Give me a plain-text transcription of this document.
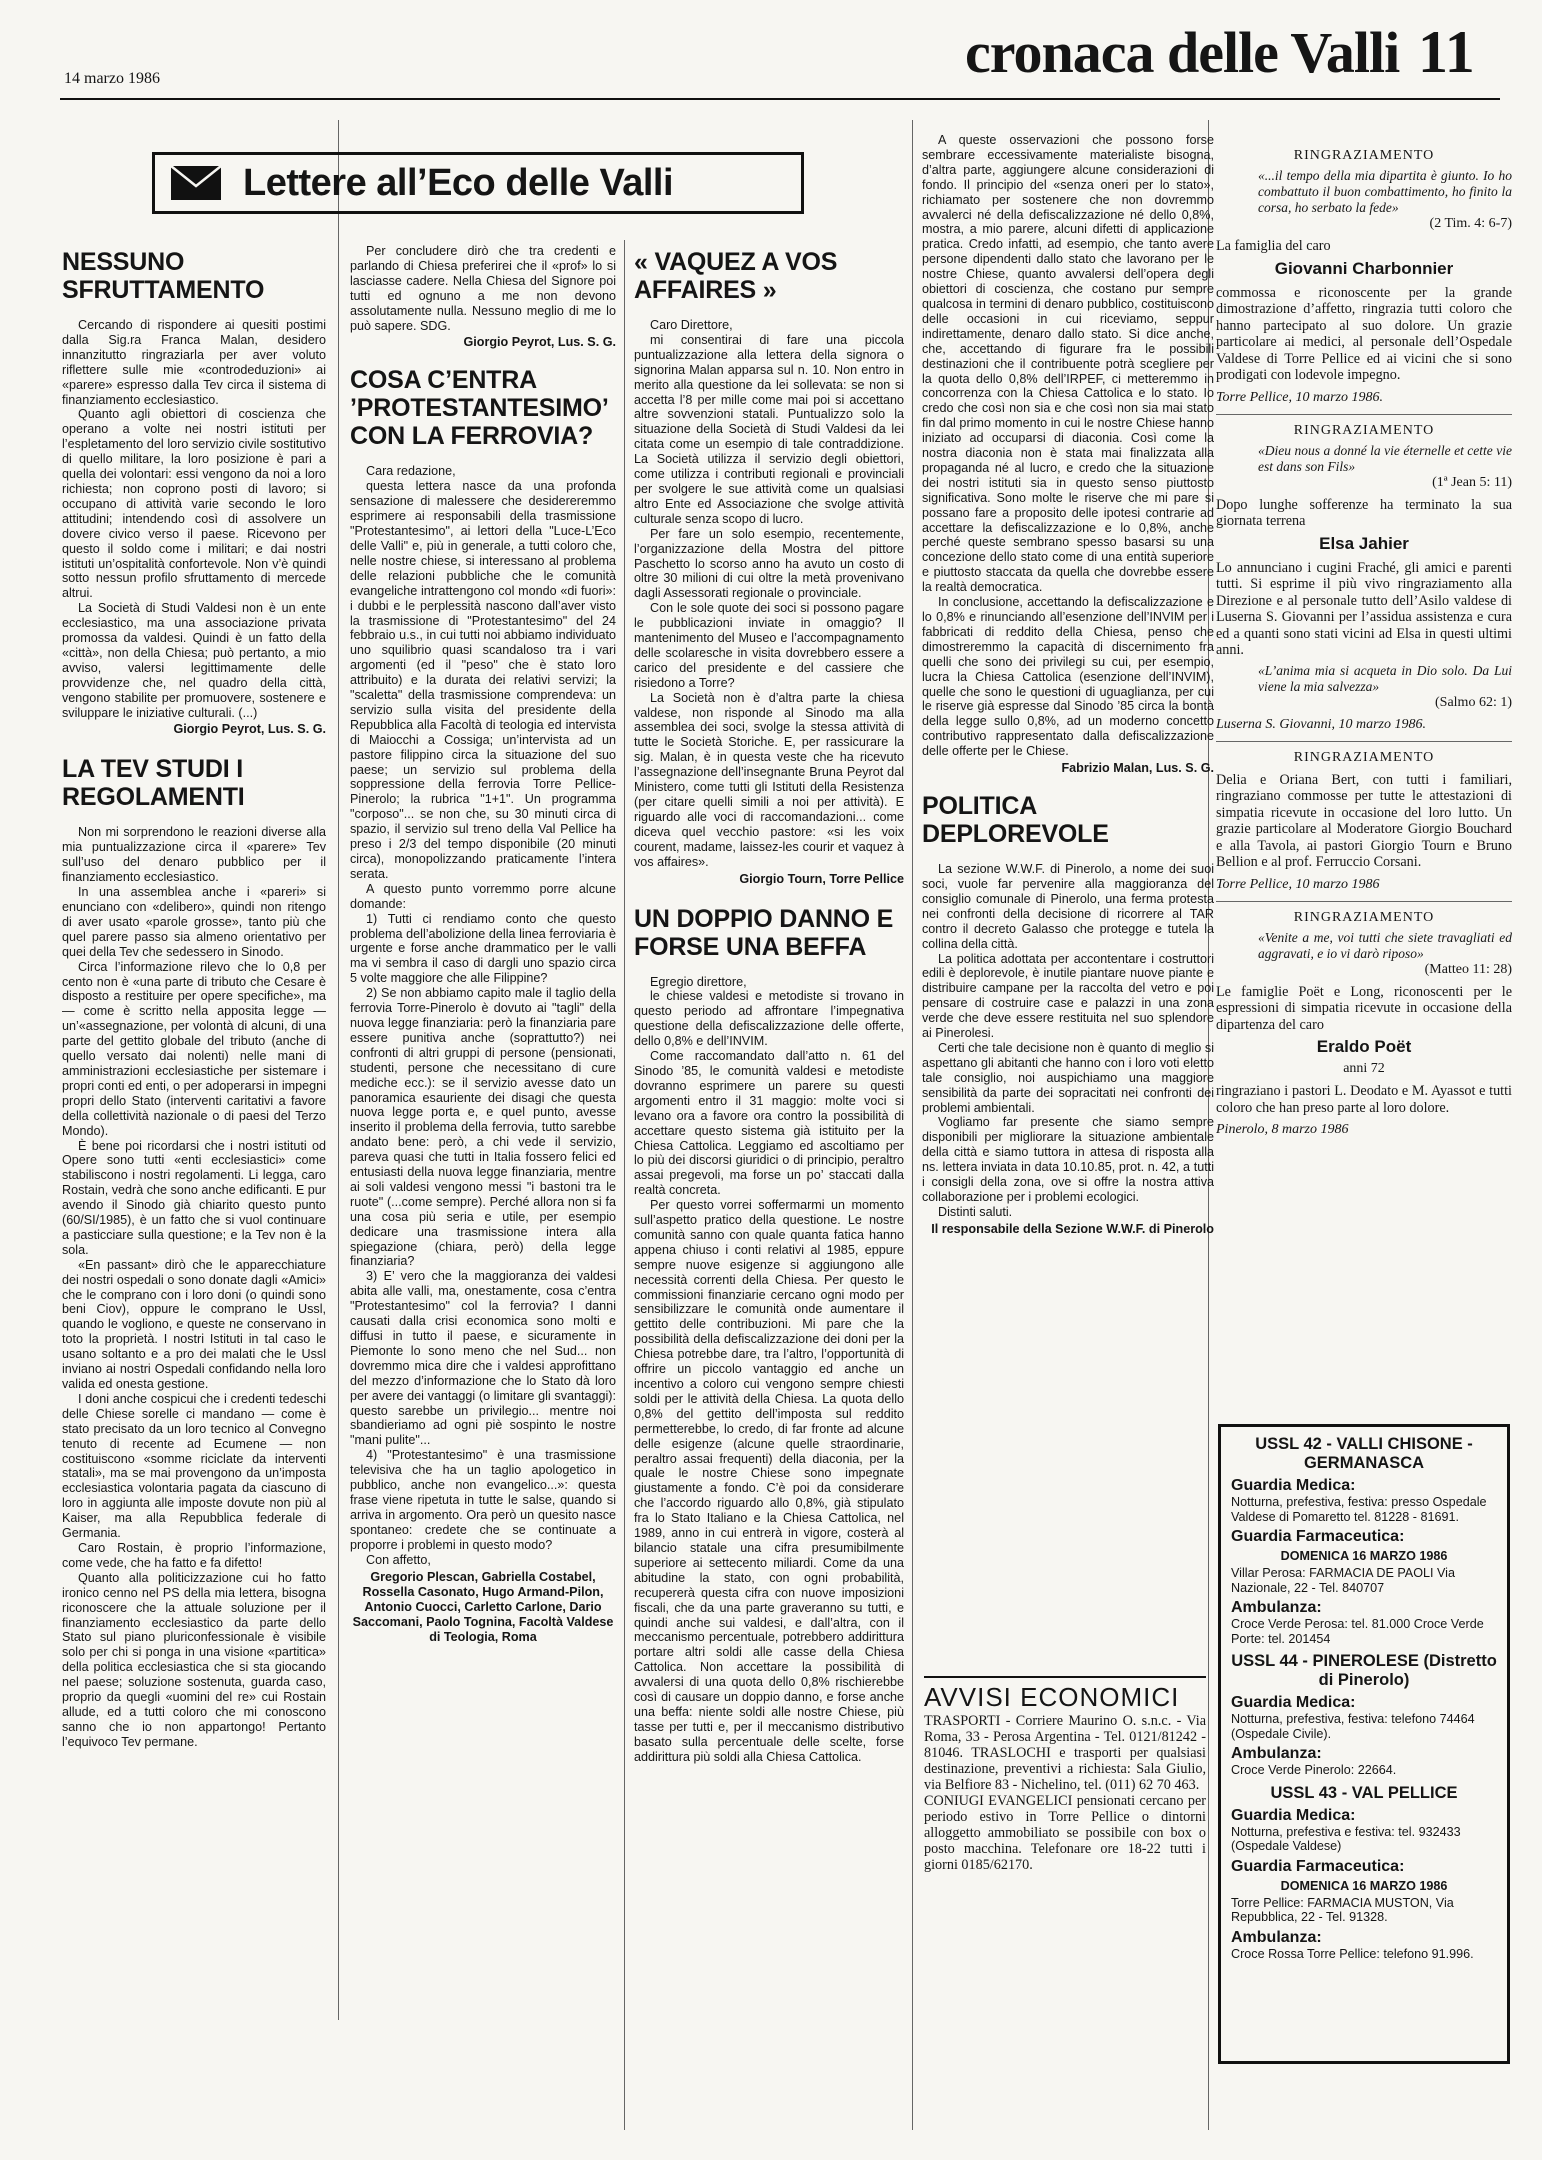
14 marzo 1986	cronaca delle Valli 11
Lettere all’Eco delle Valli
NESSUNO SFRUTTAMENTO

Cercando di rispondere ai quesiti postimi dalla Sig.ra Franca Malan, desidero innanzitutto ringraziarla per aver voluto riflettere sulle mie «controdeduzioni» ai «parere» espresso dalla Tev circa il sistema di finanziamento ecclesiastico.

Quanto agli obiettori di coscienza che operano a volte nei nostri istituti per l’espletamento del loro servizio civile sostitutivo di quello militare, la loro posizione è pari a quella dei volontari: essi vengono da noi a loro richiesta; non coprono posti di lavoro; si occupano di attività varie secondo le loro attitudini; intendendo così di assolvere un dovere civico verso il paese. Ricevono per questo il soldo come i militari; e dai nostri istituti un’ospitalità confortevole. Non v’è quindi sotto nessun profilo sfruttamento di mercede altrui.

La Società di Studi Valdesi non è un ente ecclesiastico, ma una associazione privata promossa da valdesi. Quindi è un fatto della «città», non della Chiesa; può pertanto, a mio avviso, valersi legittimamente delle provvidenze che, nel quadro della città, vengono stabilite per promuovere, sostenere e sviluppare le iniziative culturali. (...)

Giorgio Peyrot, Lus. S. G.

LA TEV STUDI I REGOLAMENTI

Non mi sorprendono le reazioni diverse alla mia puntualizzazione circa il «parere» Tev sull’uso del denaro pubblico per il finanziamento ecclesiastico.

In una assemblea anche i «pareri» si enunciano con «delibero», quindi non ritengo di aver usato «parole grosse», tanto più che quel parere passo sia almeno orientativo per quei della Tev che sedessero in Sinodo.

Circa l’informazione rilevo che lo 0,8 per cento non è «una parte di tributo che Cesare è disposto a restituire per opere specifiche», ma — come è scritto nella apposita legge — un’«assegnazione, per volontà di alcuni, di una parte del gettito globale del tributo (anche di quello versato dai nolenti) nelle mani di amministrazioni ecclesiastiche per sistemare i propri conti ed enti, o per adoperarsi in impegni propri dello Stato (interventi caritativi a favore della collettività nazionale o di paesi del Terzo Mondo).

È bene poi ricordarsi che i nostri istituti od Opere sono tutti «enti ecclesiastici» come stabiliscono i nostri regolamenti. Li legga, caro Rostain, vedrà che sono anche edificanti. E pur avendo il Sinodo già chiarito questo punto (60/SI/1985), è un fatto che si vuol continuare a pasticciare sulla questione; e la Tev non è la sola.

«En passant» dirò che le apparecchiature dei nostri ospedali o sono donate dagli «Amici» che le comprano con i loro doni (o quindi sono beni Ciov), oppure le comprano le Ussl, quando le vogliono, e queste ne conservano in toto la proprietà. I nostri Istituti in tal caso le usano soltanto e a pro dei malati che le Ussl inviano ai nostri Ospedali confidando nella loro valida ed onesta gestione.

I doni anche cospicui che i credenti tedeschi delle Chiese sorelle ci mandano — come è stato precisato da un loro tecnico al Convegno tenuto di recente ad Ecumene — non costituiscono «somme riciclate da interventi statali», ma se mai provengono da un’imposta ecclesiastica volontaria pagata da ciascuno di loro in aggiunta alle imposte dovute non più al Kaiser, ma alla Repubblica federale di Germania.

Caro Rostain, è proprio l’informazione, come vede, che ha fatto e fa difetto!

Quanto alla politicizzazione cui ho fatto ironico cenno nel PS della mia lettera, bisogna riconoscere che la attuale soluzione per il finanziamento ecclesiastico da parte dello Stato sul piano pluriconfessionale è visibile solo per chi si ponga in una visione «partitica» della politica ecclesiastica che si sta giocando nel paese; soluzione sostenuta, guarda caso, proprio da quegli «uomini del re» cui Rostain allude, ed a tutti coloro che mi conoscono sanno che io non appartongo! Pertanto l’equivoco Tev permane.

Per concludere dirò che tra credenti e parlando di Chiesa preferirei che il «prof» lo si lasciasse cadere. Nella Chiesa del Signore poi tutti ed ognuno a me non devono assolutamente nulla. Nessuno meglio di me lo può sapere. SDG.

Giorgio Peyrot, Lus. S. G.

COSA C’ENTRA ’PROTESTANTESIMO’ CON LA FERROVIA?

Cara redazione,

questa lettera nasce da una profonda sensazione di malessere che desidereremmo esprimere ai responsabili della trasmissione "Protestantesimo", ai lettori della "Luce-L’Eco delle Valli" e, più in generale, a tutti coloro che, nelle nostre chiese, si interessano al problema delle relazioni pubbliche che le comunità evangeliche intrattengono col mondo «di fuori»: i dubbi e le perplessità nascono dall’aver visto la trasmissione di "Protestantesimo" del 24 febbraio u.s., in cui tutti noi abbiamo individuato uno squilibrio quasi scandaloso tra i vari argomenti (ed il "peso" che è stato loro attribuito) e la durata dei relativi servizi; la "scaletta" della trasmissione comprendeva: un servizio sulla visita del presidente della Repubblica alla Facoltà di teologia ed intervista di Maiocchi a Cossiga; un’intervista ad un pastore filippino circa la situazione del suo paese; un servizio sul problema della soppressione della ferrovia Torre Pellice-Pinerolo; la rubrica "1+1". Un programma "corposo"... se non che, su 30 minuti circa di spazio, il servizio sul treno della Val Pellice ha preso i 2/3 del tempo disponibile (20 minuti circa), monopolizzando praticamente l’intera serata.

A questo punto vorremmo porre alcune domande:

1) Tutti ci rendiamo conto che questo problema dell’abolizione della linea ferroviaria è urgente e forse anche drammatico per le valli ma vi sembra il caso di dargli uno spazio circa 5 volte maggiore che alle Filippine?

2) Se non abbiamo capito male il taglio della ferrovia Torre-Pinerolo è dovuto ai "tagli" della nuova legge finanziaria: però la finanziaria pare essere punitiva anche (soprattutto?) nei confronti di altri gruppi di persone (pensionati, studenti, persone che necessitano di cure mediche ecc.): se il servizio avesse dato un panoramica esauriente dei disagi che questa nuova legge porta e, e quel punto, avesse inserito il problema della ferrovia, tutto sarebbe andato bene: però, a chi vede il servizio, pareva quasi che tutti in Italia fossero felici ed entusiasti della nuova legge finanziaria, mentre ai soli valdesi vengono messi "i bastoni tra le ruote" (...come sempre). Perché allora non si fa una cosa più seria e utile, per esempio dedicare una trasmissione intera alla spiegazione (chiara, però) della legge finanziaria?

3) E’ vero che la maggioranza dei valdesi abita alle valli, ma, onestamente, cosa c’entra "Protestantesimo" col la ferrovia? I danni causati dalla crisi economica sono molti e diffusi in tutto il paese, e sicuramente in Piemonte lo sono meno che nel Sud... non dovremmo mica dire che i valdesi approfittano del mezzo d’informazione che lo Stato dà loro per avere dei vantaggi (o limitare gli svantaggi): questo sarebbe un privilegio... mentre noi sbandieriamo ad ogni piè sospinto le nostre "mani pulite"...

4) "Protestantesimo" è una trasmissione televisiva che ha un taglio apologetico in pubblico, anche non evangelico...»: questa frase viene ripetuta in tutte le salse, quando si arriva in argomento. Ora però un quesito nasce spontaneo: credete che se continuate a proporre i problemi in questo modo?

Con affetto,

Gregorio Plescan, Gabriella Costabel, Rossella Casonato, Hugo Armand-Pilon, Antonio Cuocci, Carletto Carlone, Dario Saccomani, Paolo Tognina, Facoltà Valdese di Teologia, Roma

« VAQUEZ A VOS AFFAIRES »

Caro Direttore,

mi consentirai di fare una piccola puntualizzazione alla lettera della signora o signorina Malan apparsa sul n. 10. Non entro in merito alla questione da lei sollevata: se non si accetta l’8 per mille come mai poi si accettano altre sovvenzioni statali. Puntualizzo solo la situazione della Società di Studi Valdesi da lei citata come un esempio di tale contraddizione. La Società utilizza il servizio degli obiettori, come utilizza i contributi regionali e provinciali per svolgere le sue attività come un qualsiasi altro Ente ed Associazione che svolge attività culturale senza scopo di lucro.

Per fare un solo esempio, recentemente, l’organizzazione della Mostra del pittore Paschetto lo scorso anno ha avuto un costo di oltre 30 milioni di cui oltre la metà provenivano dagli Assessorati regionale o provinciale.

Con le sole quote dei soci si possono pagare le pubblicazioni inviate in omaggio? Il mantenimento del Museo e l’accompagnamento delle scolaresche in visita dovrebbero essere a carico del presidente e del cassiere che risiedono a Torre?

La Società non è d’altra parte la chiesa valdese, non risponde al Sinodo ma alla assemblea dei soci, svolge la stessa attività di tutte le Società Storiche. E, per rassicurare la sig. Malan, è in questa veste che ha ricevuto l’assegnazione dell’insegnante Bruna Peyrot dal Ministero, come tutti gli Istituti della Resistenza (per citare quelli simili a noi per attività). E riguardo alle voci di raccomandazioni... come diceva quel vecchio pastore: «si les voix courent, madame, laissez-les courir et vaquez à vos affaires».

Giorgio Tourn, Torre Pellice

UN DOPPIO DANNO E FORSE UNA BEFFA

Egregio direttore,

le chiese valdesi e metodiste si trovano in questo periodo ad affrontare l’impegnativa questione della defiscalizzazione delle offerte, dello 0,8% e dell’INVIM.

Come raccomandato dall’atto n. 61 del Sinodo ’85, le comunità valdesi e metodiste dovranno esprimere un parere su questi argomenti entro il 31 maggio: molte voci si levano ora a favore ora contro la possibilità di accettare questo sistema già istituito per la Chiesa Cattolica. Leggiamo ed ascoltiamo per lo più dei discorsi giuridici o di principio, peraltro assai pregevoli, ma forse un po’ staccati dalla realtà concreta.

Per questo vorrei soffermarmi un momento sull’aspetto pratico della questione. Le nostre comunità sanno con quale quanta fatica hanno appena chiuso i conti relativi al 1985, eppure sempre nuove esigenze si aggiungono alle necessità correnti della Chiesa. Per questo le commissioni finanziarie cercano ogni modo per sensibilizzare le comunità onde aumentare il gettito delle contribuzioni. Mi pare che la possibilità della defiscalizzazione dei doni per la Chiesa potrebbe dare, tra l’altro, l’opportunità di offrire un piccolo vantaggio ed anche un incentivo a coloro cui vengono sempre chiesti soldi per le attività della Chiesa. La quota dello 0,8% del gettito dell’imposta sul reddito permetterebbe, lo credo, di far fronte ad alcune delle esigenze (alcune quelle straordinarie, peraltro assai frequenti) della diaconia, per la quale le nostre Chiese sono impegnate giustamente a fondo. C’è poi da considerare che l’accordo riguardo allo 0,8%, già stipulato fra lo Stato Italiano e la Chiesa Cattolica, nel 1989, anno in cui entrerà in vigore, costerà al bilancio statale una cifra presumibilmente superiore ai settecento miliardi. Come da una abitudine la stato, con ogni probabilità, recupererà questa cifra con nuove imposizioni fiscali, che da una parte graveranno su tutti, e quindi anche sui valdesi, e dall’altra, con il meccanismo percentuale, potrebbero addirittura portare altri soldi alle casse della Chiesa Cattolica. Non accettare la possibilità di avvalersi di una quota dello 0,8% rischierebbe così di causare un doppio danno, e forse anche una beffa: niente soldi alle nostre Chiese, più tasse per tutti e, per il meccanismo distributivo basato sulla percentuale delle scelte, forse addirittura più soldi alla Chiesa Cattolica.

A queste osservazioni che possono forse sembrare eccessivamente materialiste bisogna, d’altra parte, aggiungere alcune considerazioni di fondo. Il principio del «senza oneri per lo stato», richiamato per sostenere che non dovremmo avvalerci né della defiscalizzazione né dello 0,8%, mostra, a mio parere, alcuni difetti di applicazione pratica. Credo infatti, ad esempio, che tanto avere persone dipendenti dallo stato che lavorano per le nostre Chiese, quanto avvalersi dell’opera degli obiettori di coscienza, che costano pur sempre qualcosa in termini di denaro pubblico, costituiscono delle occasioni in cui riceviamo, seppur indirettamente, denaro dallo stato. Si dice anche, che, accettando di figurare fra le possibili destinazioni che il contribuente potrà scegliere per la quota dello 0,8% dell’IRPEF, ci metteremmo in concorrenza con la Chiesa Cattolica e lo stato. Io credo che così non sia e che così non sia mai stato fin dal primo momento in cui le nostre Chiese hanno iniziato ad occuparsi di diaconia. Così come la nostra diaconia non è stata mai finalizzata alla propaganda né al lucro, e credo che la situazione dei nostri istituti sia in questo senso piuttosto significativa. Sono molte le riserve che mi pare si possano fare a proposito delle ipotesi contrarie ad accettare la defiscalizzazione e lo 0,8%, anche perché queste sembrano spesso basarsi su una concezione dello stato come di una entità superiore e piuttosto staccata da quella che dovrebbe essere la realtà democratica.

In conclusione, accettando la defiscalizzazione e lo 0,8% e rinunciando all’esenzione dell’INVIM per i fabbricati di reddito della Chiesa, penso che dimostreremmo la capacità di discernimento fra quelli che sono dei privilegi su cui, per esempio, lucra la Chiesa Cattolica (esenzione dell’INVIM), quelle che sono le questioni di uguaglianza, per cui le riserve già espresse dal Sinodo ’85 circa la bontà della legge sullo 0,8%, ad un moderno concetto contributivo rappresentato dalla defiscalizzazione delle offerte per le Chiese.

Fabrizio Malan, Lus. S. G.

POLITICA DEPLOREVOLE

La sezione W.W.F. di Pinerolo, a nome dei suoi soci, vuole far pervenire alla maggioranza del consiglio comunale di Pinerolo, una ferma protesta nei confronti della decisione di ricorrere al TAR contro il decreto Galasso che protegge e tutela la collina della città.

La politica adottata per accontentare i costruttori edili è deplorevole, è inutile piantare nuove piante e distribuire campane per la raccolta del vetro e poi pensare di costruire case e palazzi in una zona verde che deve essere restituita nel suo splendore ai Pinerolesi.

Certi che tale decisione non è quanto di meglio si aspettano gli abitanti che hanno con i loro voti eletto tale consiglio, noi auspichiamo una maggiore sensibilità da parte dei sopracitati nei confronti dei problemi ambientali.

Vogliamo far presente che siamo sempre disponibili per migliorare la situazione ambientale della città e siamo tuttora in attesa di risposta alla ns. lettera inviata in data 10.10.85, prot. n. 42, a tutti i consigli della zona, ove si offre la nostra attiva collaborazione per i problemi ecologici.

Distinti saluti.

Il responsabile della Sezione W.W.F. di Pinerolo

AVVISI ECONOMICI

TRASPORTI - Corriere Maurino O. s.n.c. - Via Roma, 33 - Perosa Argentina - Tel. 0121/81242 - 81046. TRASLOCHI e trasporti per qualsiasi destinazione, preventivi a richiesta: Sala Giulio, via Belfiore 83 - Nichelino, tel. (011) 62 70 463.

CONIUGI EVANGELICI pensionati cercano per periodo estivo in Torre Pellice o dintorni alloggetto ammobiliato se possibile con box o posto macchina. Telefonare ore 18-22 tutti i giorni 0185/62170.

RINGRAZIAMENTO
«...il tempo della mia dipartita è giunto. Io ho combattuto il buon combattimento, ho finito la corsa, ho serbato la fede»
(2 Tim. 4: 6-7)
La famiglia del caro
Giovanni Charbonnier
commossa e riconoscente per la grande dimostrazione d’affetto, ringrazia tutti coloro che hanno partecipato al suo dolore. Un grazie particolare ai medici, al personale dell’Ospedale Valdese di Torre Pellice ed ai vicini che si sono prodigati con lodevole impegno.
Torre Pellice, 10 marzo 1986.
RINGRAZIAMENTO
«Dieu nous a donné la vie éternelle et cette vie est dans son Fils»
(1ª Jean 5: 11)
Dopo lunghe sofferenze ha terminato la sua giornata terrena
Elsa Jahier
Lo annunciano i cugini Fraché, gli amici e parenti tutti. Si esprime il più vivo ringraziamento alla Direzione e al personale tutto dell’Asilo valdese di Luserna S. Giovanni per l’assidua assistenza e cura ed a quanti sono stati vicini ad Elsa in questi ultimi anni.
«L’anima mia si acqueta in Dio solo. Da Lui viene la mia salvezza»
(Salmo 62: 1)
Luserna S. Giovanni, 10 marzo 1986.
RINGRAZIAMENTO
Delia e Oriana Bert, con tutti i familiari, ringraziano commosse per tutte le attestazioni di simpatia ricevute in occasione del loro lutto. Un grazie particolare al Moderatore Giorgio Bouchard e alla Tavola, ai pastori Giorgio Tourn e Bruno Bellion e al prof. Ferruccio Corsani.
Torre Pellice, 10 marzo 1986
RINGRAZIAMENTO
«Venite a me, voi tutti che siete travagliati ed aggravati, e io vi darò riposo»
(Matteo 11: 28)
Le famiglie Poët e Long, riconoscenti per le espressioni di simpatia ricevute in occasione della dipartenza del caro
Eraldo Poët
anni 72
ringraziano i pastori L. Deodato e M. Ayassot e tutti coloro che han preso parte al loro dolore.
Pinerolo, 8 marzo 1986
USSL 42 - VALLI CHISONE - GERMANASCA
Guardia Medica:
Notturna, prefestiva, festiva: presso Ospedale Valdese di Pomaretto tel. 81228 - 81691.
Guardia Farmaceutica:
DOMENICA 16 MARZO 1986
Villar Perosa: FARMACIA DE PAOLI Via Nazionale, 22 - Tel. 840707
Ambulanza:
Croce Verde Perosa: tel. 81.000 Croce Verde Porte: tel. 201454
USSL 44 - PINEROLESE (Distretto di Pinerolo)
Guardia Medica:
Notturna, prefestiva, festiva: telefono 74464 (Ospedale Civile).
Ambulanza:
Croce Verde Pinerolo: 22664.
USSL 43 - VAL PELLICE
Guardia Medica:
Notturna, prefestiva e festiva: tel. 932433 (Ospedale Valdese)
Guardia Farmaceutica:
DOMENICA 16 MARZO 1986
Torre Pellice: FARMACIA MUSTON, Via Repubblica, 22 - Tel. 91328.
Ambulanza:
Croce Rossa Torre Pellice: telefono 91.996.
